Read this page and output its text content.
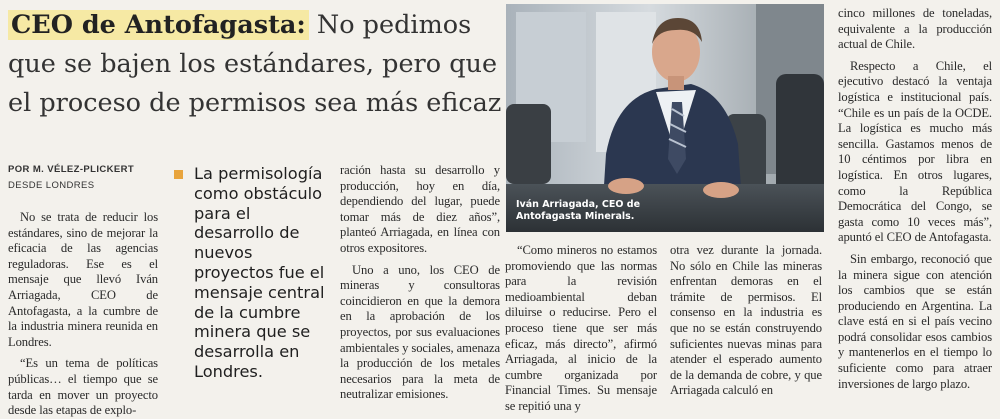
CEO de Antofagasta: No pedimos que se bajen los estándares, pero que el proceso de permisos sea más eficaz
POR M. VÉLEZ-PLICKERT
DESDE LONDRES

No se trata de reducir los estándares, sino de mejorar la eficacia de las agencias reguladoras. Ese es el mensaje que llevó Iván Arriagada, CEO de Antofagasta, a la cumbre de la industria minera reunida en Londres.

“Es un tema de políticas públicas… el tiempo que se tarda en mover un proyecto desde las etapas de explo-

La permisología como obstáculo para el desarrollo de nuevos proyectos fue el mensaje central de la cumbre minera que se desarrolla en Londres.

ración hasta su desarrollo y producción, hoy en día, dependiendo del lugar, puede tomar más de diez años”, planteó Arriagada, en línea con otros expositores.

Uno a uno, los CEO de mineras y consultoras coincidieron en que la demora en la aprobación de los proyectos, por sus evaluaciones ambientales y sociales, amenaza la producción de los metales necesarios para la meta de neutralizar emisiones.

Iván Arriagada, CEO de
Antofagasta Minerals.

“Como mineros no estamos promoviendo que las normas para la revisión medioambiental deban diluirse o reducirse. Pero el proceso tiene que ser más eficaz, más directo”, afirmó Arriagada, al inicio de la cumbre organizada por Financial Times. Su mensaje se repitió una y

otra vez durante la jornada. No sólo en Chile las mineras enfrentan demoras en el trámite de permisos. El consenso en la industria es que no se están construyendo suficientes nuevas minas para atender el esperado aumento de la demanda de cobre, y que Arriagada calculó en

cinco millones de toneladas, equivalente a la producción actual de Chile.

Respecto a Chile, el ejecutivo destacó la ventaja logística e institucional país. “Chile es un país de la OCDE. La logística es mucho más sencilla. Gastamos menos de 10 céntimos por libra en logística. En otros lugares, como la República Democrática del Congo, se gasta como 10 veces más”, apuntó el CEO de Antofagasta.

Sin embargo, reconoció que la minera sigue con atención los cambios que se están produciendo en Argentina. La clave está en si el país vecino podrá consolidar esos cambios y mantenerlos en el tiempo lo suficiente como para atraer inversiones de largo plazo.
